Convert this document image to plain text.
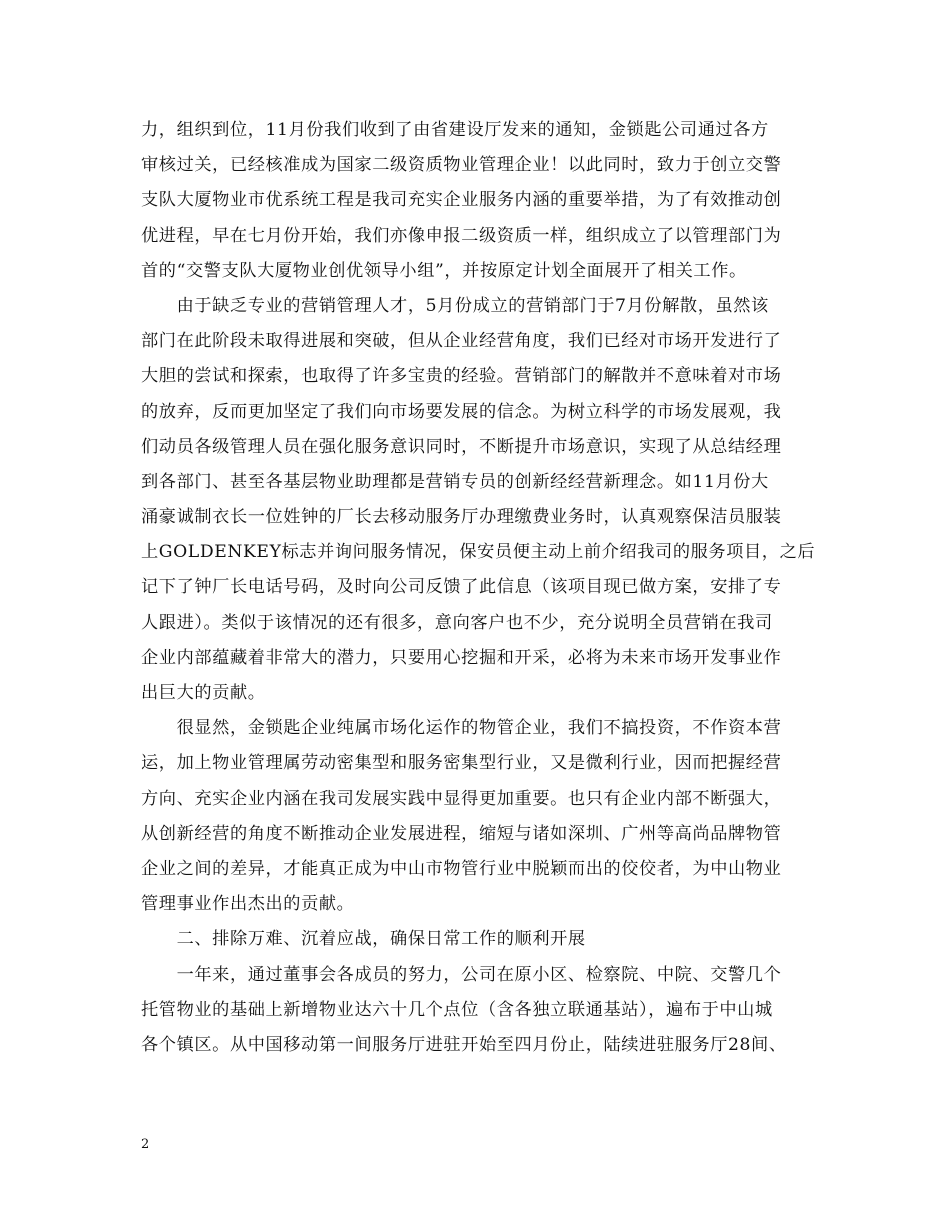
力，组织到位，11月份我们收到了由省建设厅发来的通知，金锁匙公司通过各方
审核过关，已经核准成为国家二级资质物业管理企业！以此同时，致力于创立交警
支队大厦物业市优系统工程是我司充实企业服务内涵的重要举措，为了有效推动创
优进程，早在七月份开始，我们亦像申报二级资质一样，组织成立了以管理部门为
首的“交警支队大厦物业创优领导小组”，并按原定计划全面展开了相关工作。
　　由于缺乏专业的营销管理人才，5月份成立的营销部门于7月份解散，虽然该
部门在此阶段未取得进展和突破，但从企业经营角度，我们已经对市场开发进行了
大胆的尝试和探索，也取得了许多宝贵的经验。营销部门的解散并不意味着对市场
的放弃，反而更加坚定了我们向市场要发展的信念。为树立科学的市场发展观，我
们动员各级管理人员在强化服务意识同时，不断提升市场意识，实现了从总结经理
到各部门、甚至各基层物业助理都是营销专员的创新经经营新理念。如11月份大
涌豪诚制衣长一位姓钟的厂长去移动服务厅办理缴费业务时，认真观察保洁员服装
上GOLDENKEY标志并询问服务情况，保安员便主动上前介绍我司的服务项目，之后
记下了钟厂长电话号码，及时向公司反馈了此信息（该项目现已做方案，安排了专
人跟进）。类似于该情况的还有很多，意向客户也不少，充分说明全员营销在我司
企业内部蕴藏着非常大的潜力，只要用心挖掘和开采，必将为未来市场开发事业作
出巨大的贡献。
　　很显然，金锁匙企业纯属市场化运作的物管企业，我们不搞投资，不作资本营
运，加上物业管理属劳动密集型和服务密集型行业，又是微利行业，因而把握经营
方向、充实企业内涵在我司发展实践中显得更加重要。也只有企业内部不断强大，
从创新经营的角度不断推动企业发展进程，缩短与诸如深圳、广州等高尚品牌物管
企业之间的差异，才能真正成为中山市物管行业中脱颖而出的佼佼者，为中山物业
管理事业作出杰出的贡献。
　　二、排除万难、沉着应战，确保日常工作的顺利开展
　　一年来，通过董事会各成员的努力，公司在原小区、检察院、中院、交警几个
托管物业的基础上新增物业达六十几个点位（含各独立联通基站），遍布于中山城
各个镇区。从中国移动第一间服务厅进驻开始至四月份止，陆续进驻服务厅28间、
2
